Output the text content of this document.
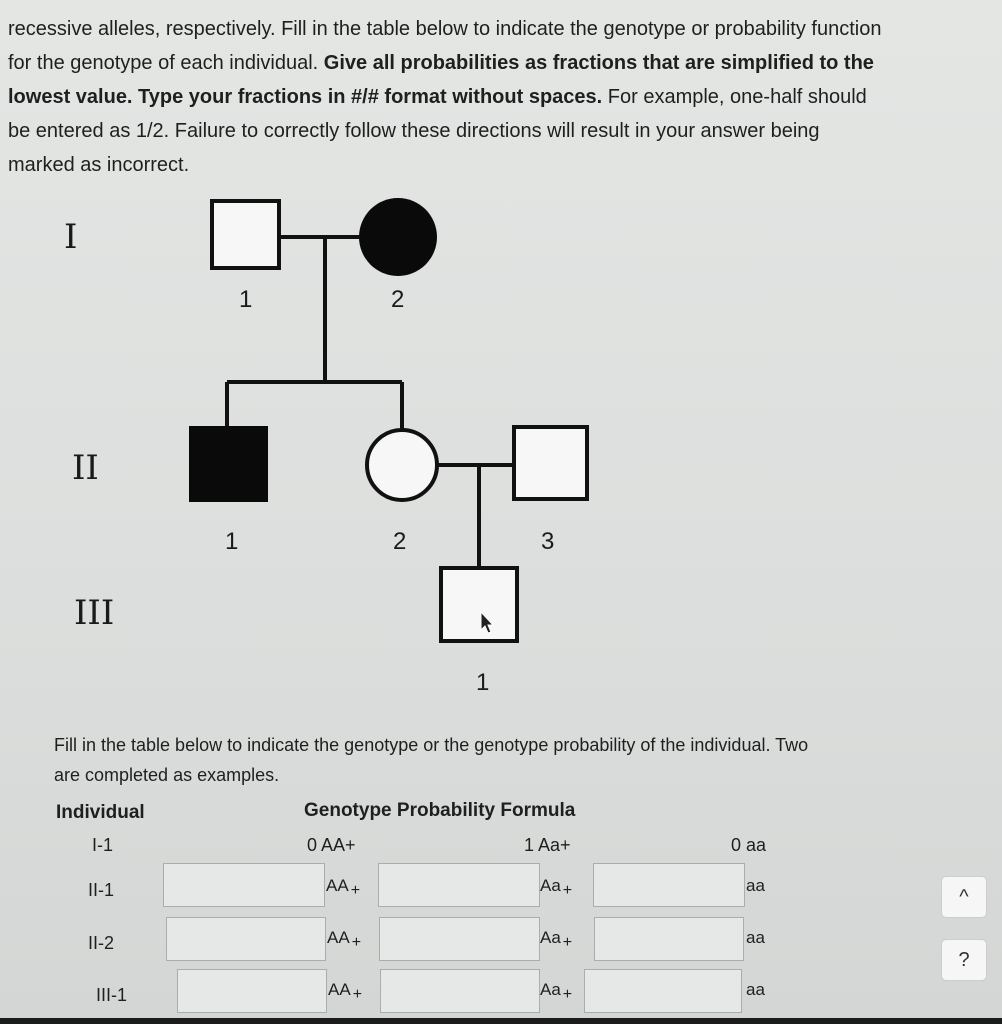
recessive alleles, respectively. Fill in the table below to indicate the genotype or probability function
for the genotype of each individual. Give all probabilities as fractions that are simplified to the
lowest value. Type your fractions in #/# format without spaces. For example, one-half should
be entered as 1/2. Failure to correctly follow these directions will result in your answer being
marked as incorrect.
I
II
III
1	2
1	2	3
1
Fill in the table below to indicate the genotype or the genotype probability of the individual. Two
are completed as examples.
Individual	Genotype Probability Formula
I-1	0 AA+	1 Aa+	0 aa
II-1	AA +	Aa +	aa
II-2	AA +	Aa +	aa
III-1	AA +	Aa +	aa
^
?
